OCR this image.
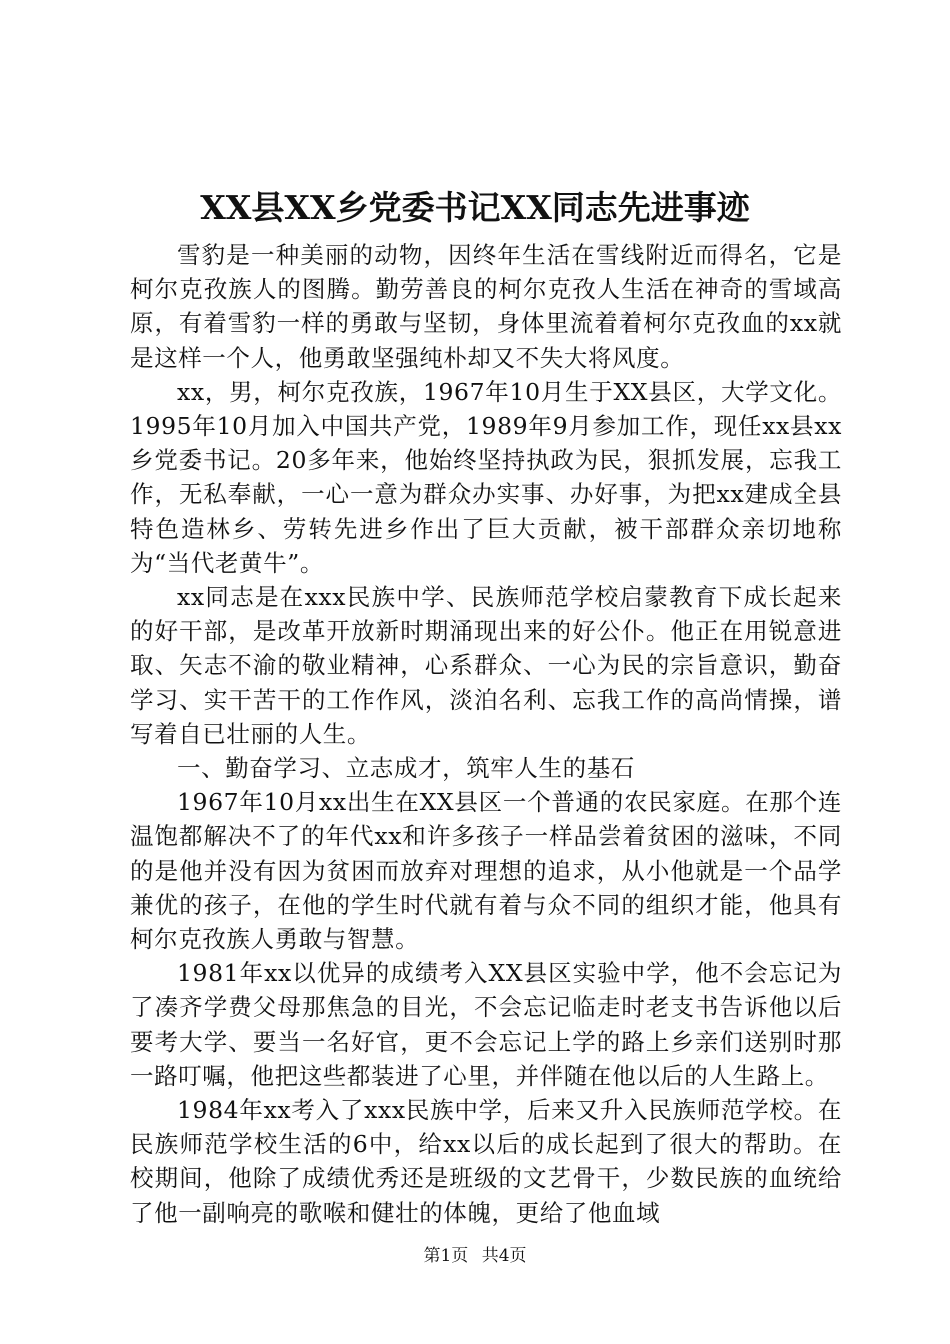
XX县XX乡党委书记XX同志先进事迹

雪豹是一种美丽的动物，因终年生活在雪线附近而得名，它是柯尔克孜族人的图腾。勤劳善良的柯尔克孜人生活在神奇的雪域高原，有着雪豹一样的勇敢与坚韧，身体里流着着柯尔克孜血的xx就是这样一个人，他勇敢坚强纯朴却又不失大将风度。

xx，男，柯尔克孜族，1967年10月生于XX县区，大学文化。1995年10月加入中国共产党，1989年9月参加工作，现任xx县xx乡党委书记。20多年来，他始终坚持执政为民，狠抓发展，忘我工作，无私奉献，一心一意为群众办实事、办好事，为把xx建成全县特色造林乡、劳转先进乡作出了巨大贡献，被干部群众亲切地称为“当代老黄牛”。

xx同志是在xxx民族中学、民族师范学校启蒙教育下成长起来的好干部，是改革开放新时期涌现出来的好公仆。他正在用锐意进取、矢志不渝的敬业精神，心系群众、一心为民的宗旨意识，勤奋学习、实干苦干的工作作风，淡泊名利、忘我工作的高尚情操，谱写着自已壮丽的人生。

一、勤奋学习、立志成才，筑牢人生的基石

1967年10月xx出生在XX县区一个普通的农民家庭。在那个连温饱都解决不了的年代xx和许多孩子一样品尝着贫困的滋味，不同的是他并没有因为贫困而放弃对理想的追求，从小他就是一个品学兼优的孩子，在他的学生时代就有着与众不同的组织才能，他具有柯尔克孜族人勇敢与智慧。

1981年xx以优异的成绩考入XX县区实验中学，他不会忘记为了凑齐学费父母那焦急的目光，不会忘记临走时老支书告诉他以后要考大学、要当一名好官，更不会忘记上学的路上乡亲们送别时那一路叮嘱，他把这些都装进了心里，并伴随在他以后的人生路上。

1984年xx考入了xxx民族中学，后来又升入民族师范学校。在民族师范学校生活的6中，给xx以后的成长起到了很大的帮助。在校期间，他除了成绩优秀还是班级的文艺骨干，少数民族的血统给了他一副响亮的歌喉和健壮的体魄，更给了他血域

第1页 共4页
